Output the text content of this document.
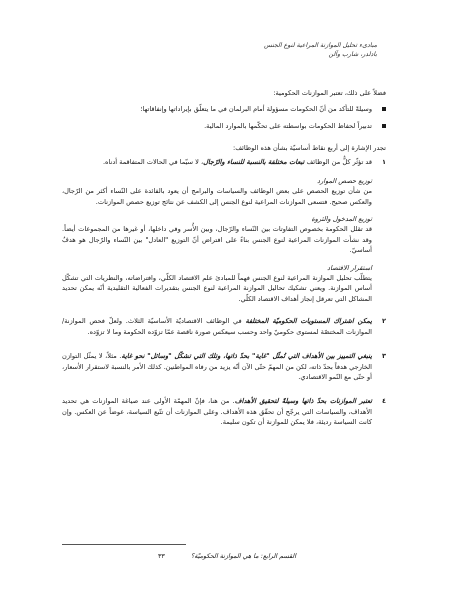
مبادىء تحليل الموازنة المراعية لنوع الجنس
بادلدر، شارب وآلن

فضلاً على ذلك، تعتبر الموازنات الحكومية:

وسيلةً للتأكد من أنّ الحكومات مسؤولة أمام البرلمان في ما يتعلّق بإيراداتها وإنفاقاتها؛
تدبيراً لحفاظ الحكومات بواسطته على تحكّمها بالموارد المالية.

تجدر الإشارة إلى أربع نقاط أساسيّة بشأن هذه الوظائف:

١
قد تؤثّر كلٌّ من الوظائف تبعات مختلفة بالنسبة للنساء والرّجال، لا سيّما في الحالات المتفاقمة أدناه.

توزيع حصص الموارد

من شأن توزيع الحصص على بعض الوظائف والسياسات والبرامج أن يعود بالفائدة على النّساء أكثر من الرّجال، والعكس صحيح. فتسعى الموازنات المراعية لنوع الجنس إلى الكشف عن نتائج توزيع حصص الموازنات.

توزيع المدخول والثروة

قد تقلل الحكومة بخصوص التفاوتات بين النّساء والرّجال، وبين الأُسر وفي داخلها، أو غيرها من المجموعات أيضاً. وقد نشأت الموازنات المراعية لنوع الجنس بناءً على افتراض أنّ التوزيع "العادل" بين النّساء والرّجال هو هدفٌ أساسيّ.

استقرار الاقتصاد

يتطلّب تحليل الموازنة المراعية لنوع الجنس فهماً للمبادئ علم الاقتصاد الكلّي، وافتراضاته، والنظريات التي تشكّل أساس الموازنة. ويعني تشكيك تحاليل الموازنة المراعية لنوع الجنس بتقديرات الفعالية التقليدية أنّه يمكن تحديد المشاكل التي تعرقل إنجاز أهداف الاقتصاد الكلّي.

٢
يمكن اشتراك المستويات الحكوميّة المختلفة في الوظائف الاقتصاديّة الأساسيّة الثلاث. ولعلّ فحص الموازنة/الموازنات المختصّة لمستوى حكوميّ واحد وحسب سيعكس صورة ناقصة عمّا تزوّده الحكومة وما لا تزوّده.
٣
ينبغي التمييز بين الأهداف التي تُمثّل "غاية" بحدّ ذاتها، وتلك التي تشكّل "وسائل" نحو غاية. مثلاً، لا يمثّل التوازن الخارجي هدفاً بحدّ ذاته، لكن من المهمّ حتّى الآن أنّه يزيد من رفاه المواطنين. كذلك الأمر بالنسبة لاستقرار الأسعار، أو حتّى مع النّمو الاقتصادي.
٤
تعتبر الموازنات بحدّ ذاتها وسيلةً لتحقيق الأهداف. من هنا، فإنّ المهمّة الأولى عند صياغة الموازنات هي تحديد الأهداف، والسياسات التي يرجّح أن تحقّق هذه الأهداف. وعلى الموازنات أن تتّبع السياسة، عوضاً عن العكس. وإن كانت السياسة رديئة، فلا يمكن للموازنة أن تكون سليمة.
٣٣	القسم الرابع: ما هي الموازنة الحكوميّة؟
